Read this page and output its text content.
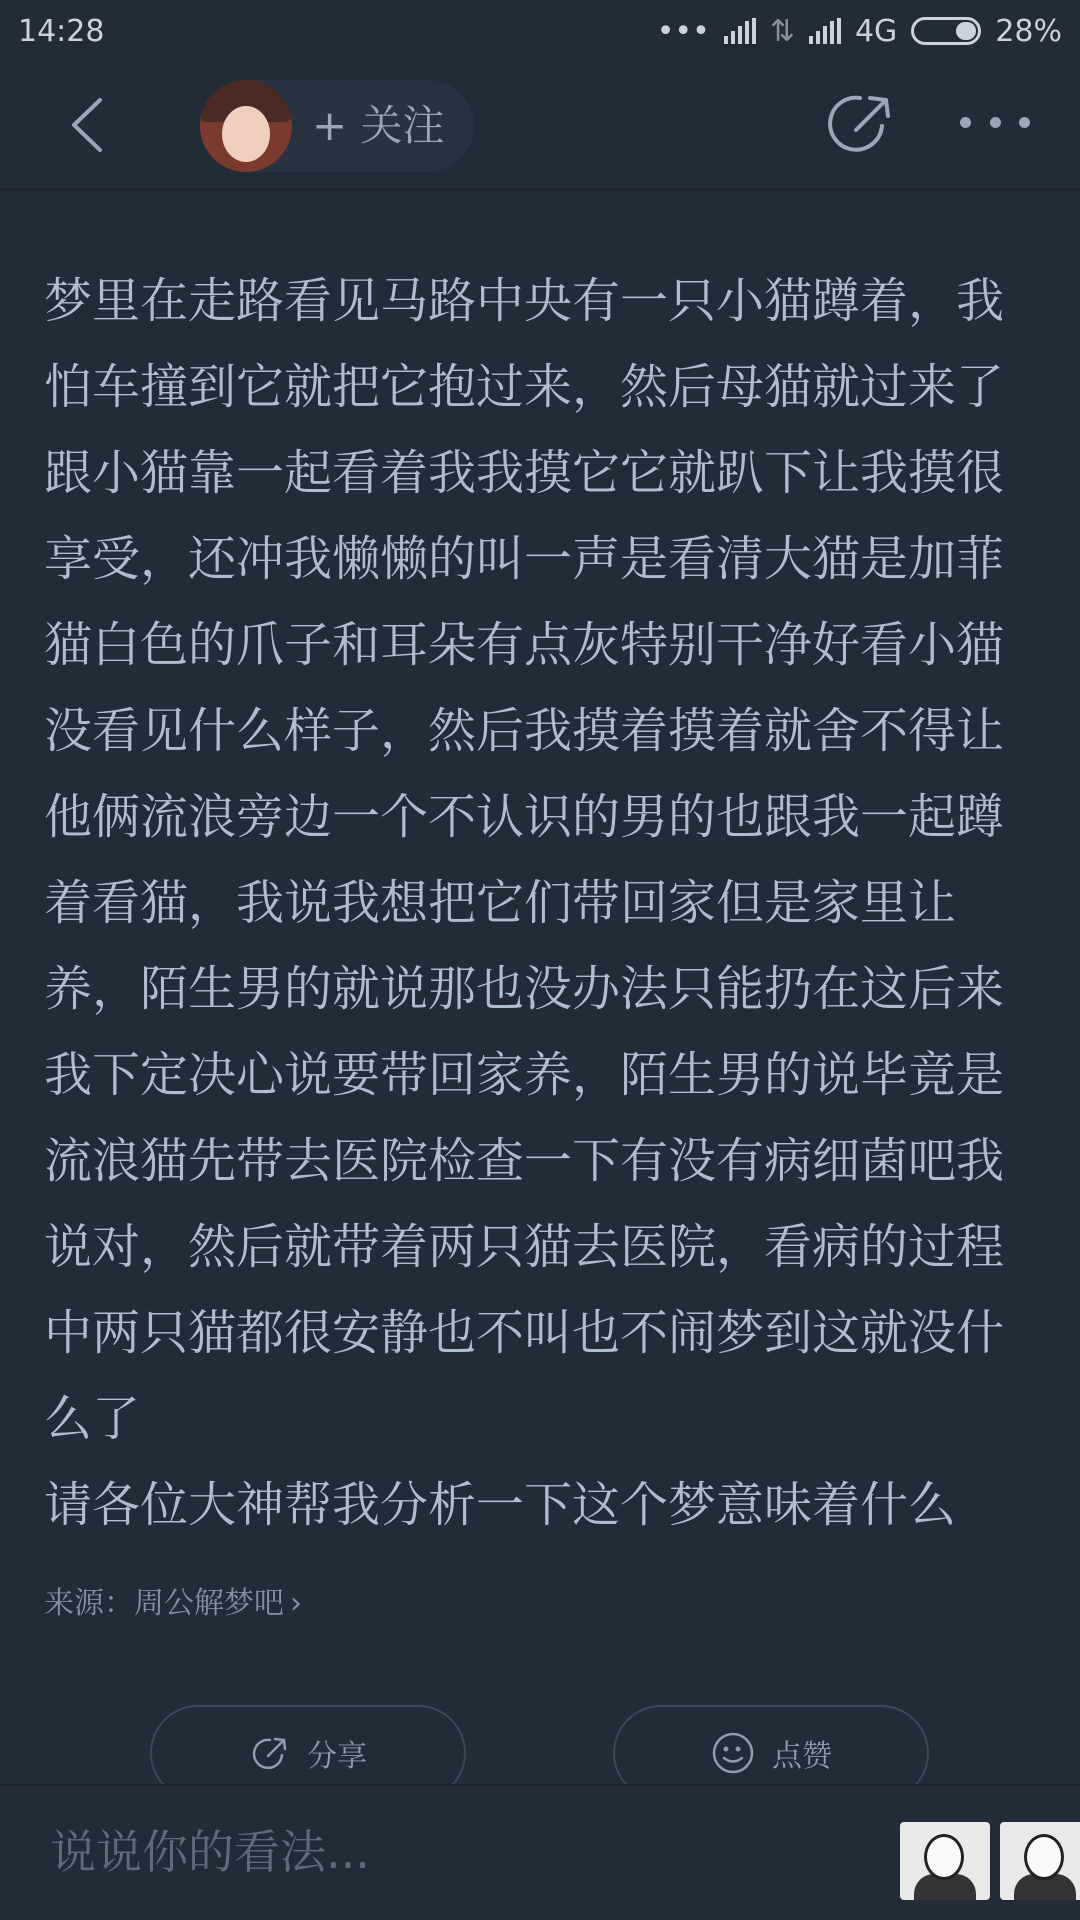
14:28	••• ⇅ 4G	28%
+ 关注
梦里在走路看见马路中央有一只小猫蹲着，我怕车撞到它就把它抱过来，然后母猫就过来了跟小猫靠一起看着我我摸它它就趴下让我摸很享受，还冲我懒懒的叫一声是看清大猫是加菲猫白色的爪子和耳朵有点灰特别干净好看小猫没看见什么样子，然后我摸着摸着就舍不得让他俩流浪旁边一个不认识的男的也跟我一起蹲着看猫，我说我想把它们带回家但是家里让养，陌生男的就说那也没办法只能扔在这后来我下定决心说要带回家养，陌生男的说毕竟是流浪猫先带去医院检查一下有没有病细菌吧我说对，然后就带着两只猫去医院，看病的过程中两只猫都很安静也不叫也不闹梦到这就没什么了
请各位大神帮我分析一下这个梦意味着什么
来源：周公解梦吧 ›
分享	点赞
说说你的看法...
